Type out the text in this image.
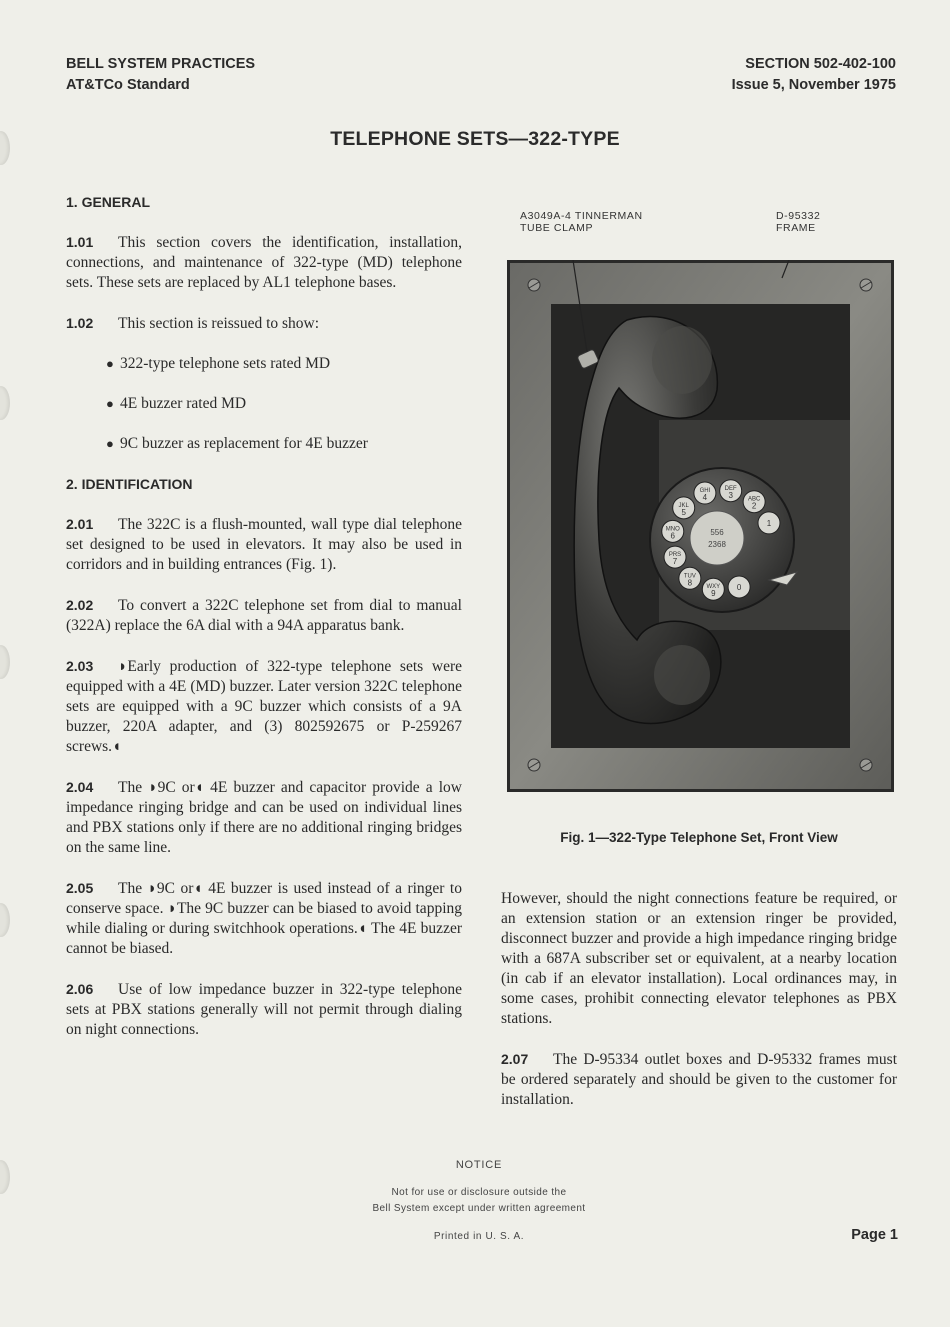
BELL SYSTEM PRACTICES
AT&TCo Standard
SECTION 502-402-100
Issue 5, November 1975
TELEPHONE SETS—322-TYPE

1. GENERAL

1.01 This section covers the identification, installation, connections, and maintenance of 322-type (MD) telephone sets. These sets are replaced by AL1 telephone bases.

1.02 This section is reissued to show:

● 322-type telephone sets rated MD

● 4E buzzer rated MD

● 9C buzzer as replacement for 4E buzzer

2. IDENTIFICATION

2.01 The 322C is a flush-mounted, wall type dial telephone set designed to be used in elevators. It may also be used in corridors and in building entrances (Fig. 1).

2.02 To convert a 322C telephone set from dial to manual (322A) replace the 6A dial with a 94A apparatus bank.

2.03 ◗Early production of 322-type telephone sets were equipped with a 4E (MD) buzzer. Later version 322C telephone sets are equipped with a 9C buzzer which consists of a 9A buzzer, 220A adapter, and (3) 802592675 or P-259267 screws.◖

2.04 The ◗9C or◖ 4E buzzer and capacitor provide a low impedance ringing bridge and can be used on individual lines and PBX stations only if there are no additional ringing bridges on the same line.

2.05 The ◗9C or◖ 4E buzzer is used instead of a ringer to conserve space. ◗The 9C buzzer can be biased to avoid tapping while dialing or during switchhook operations.◖ The 4E buzzer cannot be biased.

2.06 Use of low impedance buzzer in 322-type telephone sets at PBX stations generally will not permit through dialing on night connections.

A3049A-4 TINNERMAN
TUBE CLAMP
D-95332
FRAME
556
2368
1
ABC
2
DEF
3
GHI
4
JKL
5
MNO
6
PRS
7
TUV
8 WXY
9
0
Fig. 1—322-Type Telephone Set, Front View

However, should the night connections feature be required, or an extension station or an extension ringer be provided, disconnect buzzer and provide a high impedance ringing bridge with a 687A subscriber set or equivalent, at a nearby location (in cab if an elevator installation). Local ordinances may, in some cases, prohibit connecting elevator telephones as PBX stations.

2.07 The D-95334 outlet boxes and D-95332 frames must be ordered separately and should be given to the customer for installation.

NOTICE
Not for use or disclosure outside the
Bell System except under written agreement
Printed in U. S. A.	Page 1
